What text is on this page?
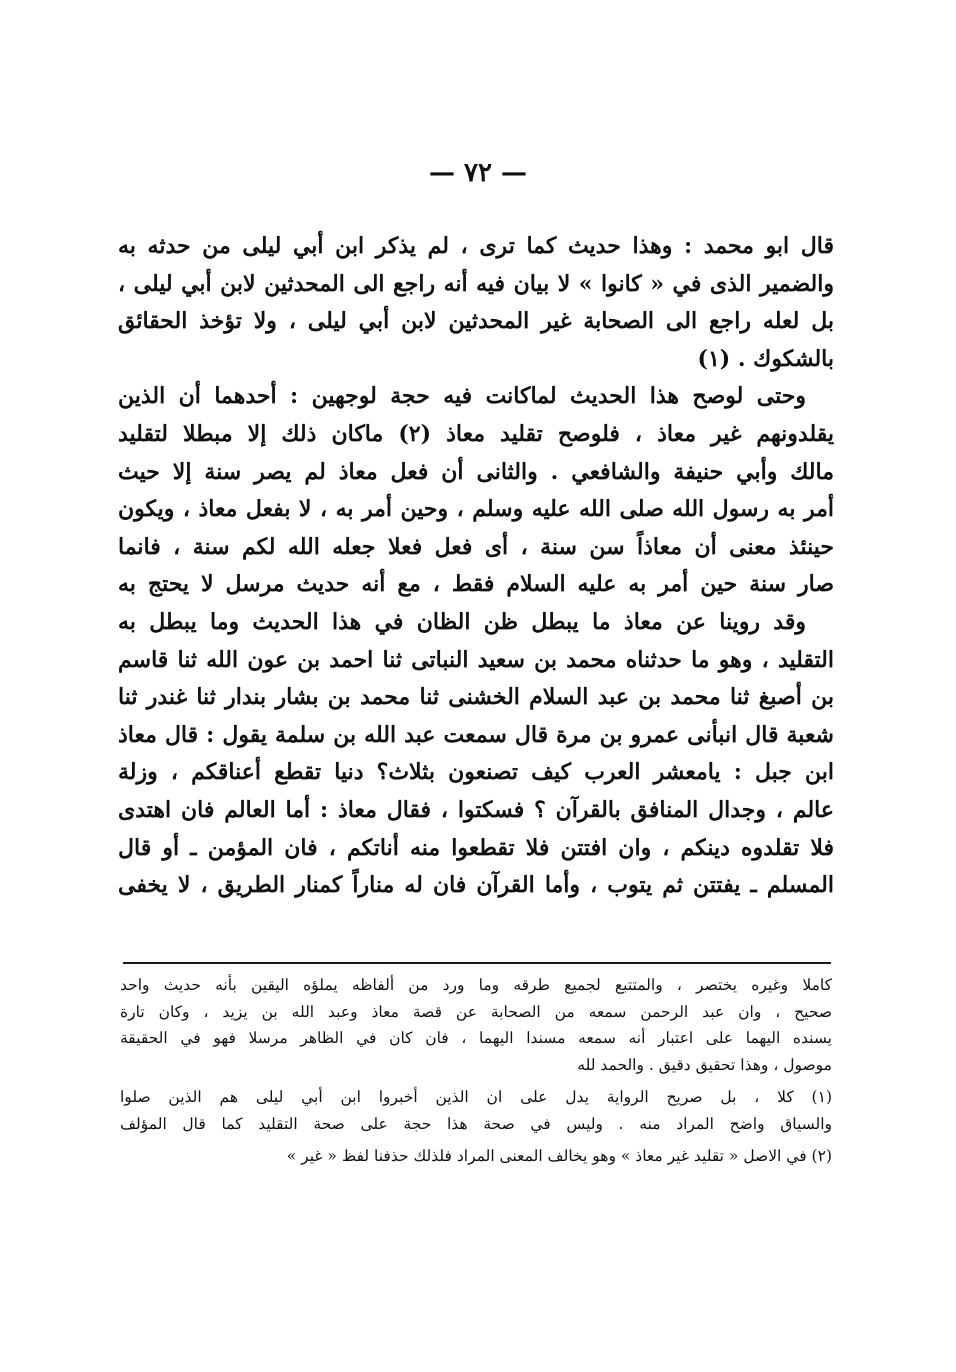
— ٧٢ —
قال ابو محمد : وهذا حديث كما ترى ، لم يذكر ابن أبي ليلى من حدثه به
والضمير الذى في « كانوا » لا بيان فيه أنه راجع الى المحدثين لابن أبي ليلى ،
بل لعله راجع الى الصحابة غير المحدثين لابن أبي ليلى ، ولا تؤخذ الحقائق
بالشكوك . (١)
وحتى لوصح هذا الحديث لماكانت فيه حجة لوجهين : أحدهما أن الذين
يقلدونهم غير معاذ ، فلوصح تقليد معاذ (٢) ماكان ذلك إلا مبطلا لتقليد
مالك وأبي حنيفة والشافعي . والثانى أن فعل معاذ لم يصر سنة إلا حيث
أمر به رسول الله صلى الله عليه وسلم ، وحين أمر به ، لا بفعل معاذ ، ويكون
حينئذ معنى أن معاذاً سن سنة ، أى فعل فعلا جعله الله لكم سنة ، فانما
صار سنة حين أمر به عليه السلام فقط ، مع أنه حديث مرسل لا يحتج به
وقد روينا عن معاذ ما يبطل ظن الظان في هذا الحديث وما يبطل به
التقليد ، وهو ما حدثناه محمد بن سعيد النباتى ثنا احمد بن عون الله ثنا قاسم
بن أصبغ ثنا محمد بن عبد السلام الخشنى ثنا محمد بن بشار بندار ثنا غندر ثنا
شعبة قال انبأنى عمرو بن مرة قال سمعت عبد الله بن سلمة يقول : قال معاذ
ابن جبل : يامعشر العرب كيف تصنعون بثلاث؟ دنيا تقطع أعناقكم ، وزلة
عالم ، وجدال المنافق بالقرآن ؟ فسكتوا ، فقال معاذ : أما العالم فان اهتدى
فلا تقلدوه دينكم ، وان افتتن فلا تقطعوا منه أناتكم ، فان المؤمن ـ أو قال
المسلم ـ يفتتن ثم يتوب ، وأما القرآن فان له مناراً كمنار الطريق ، لا يخفى
كاملا وغيره يختصر ، والمتتبع لجميع طرقه وما ورد من ألفاظه يملؤه اليقين بأنه حديث واحد
صحيح ، وان عبد الرحمن سمعه من الصحابة عن قصة معاذ وعبد الله بن يزيد ، وكان تارة
يسنده اليهما على اعتبار أنه سمعه مسندا اليهما ، فان كان في الظاهر مرسلا فهو في الحقيقة
موصول ، وهذا تحقيق دقيق . والحمد لله
(١) كلا ، بل صريح الرواية يدل على ان الذين أخبروا ابن أبي ليلى هم الذين صلوا
والسياق واضح المراد منه . وليس في صحة هذا حجة على صحة التقليد كما قال المؤلف
(٢) في الاصل « تقليد غير معاذ » وهو يخالف المعنى المراد فلذلك حذفنا لفظ « غير »
